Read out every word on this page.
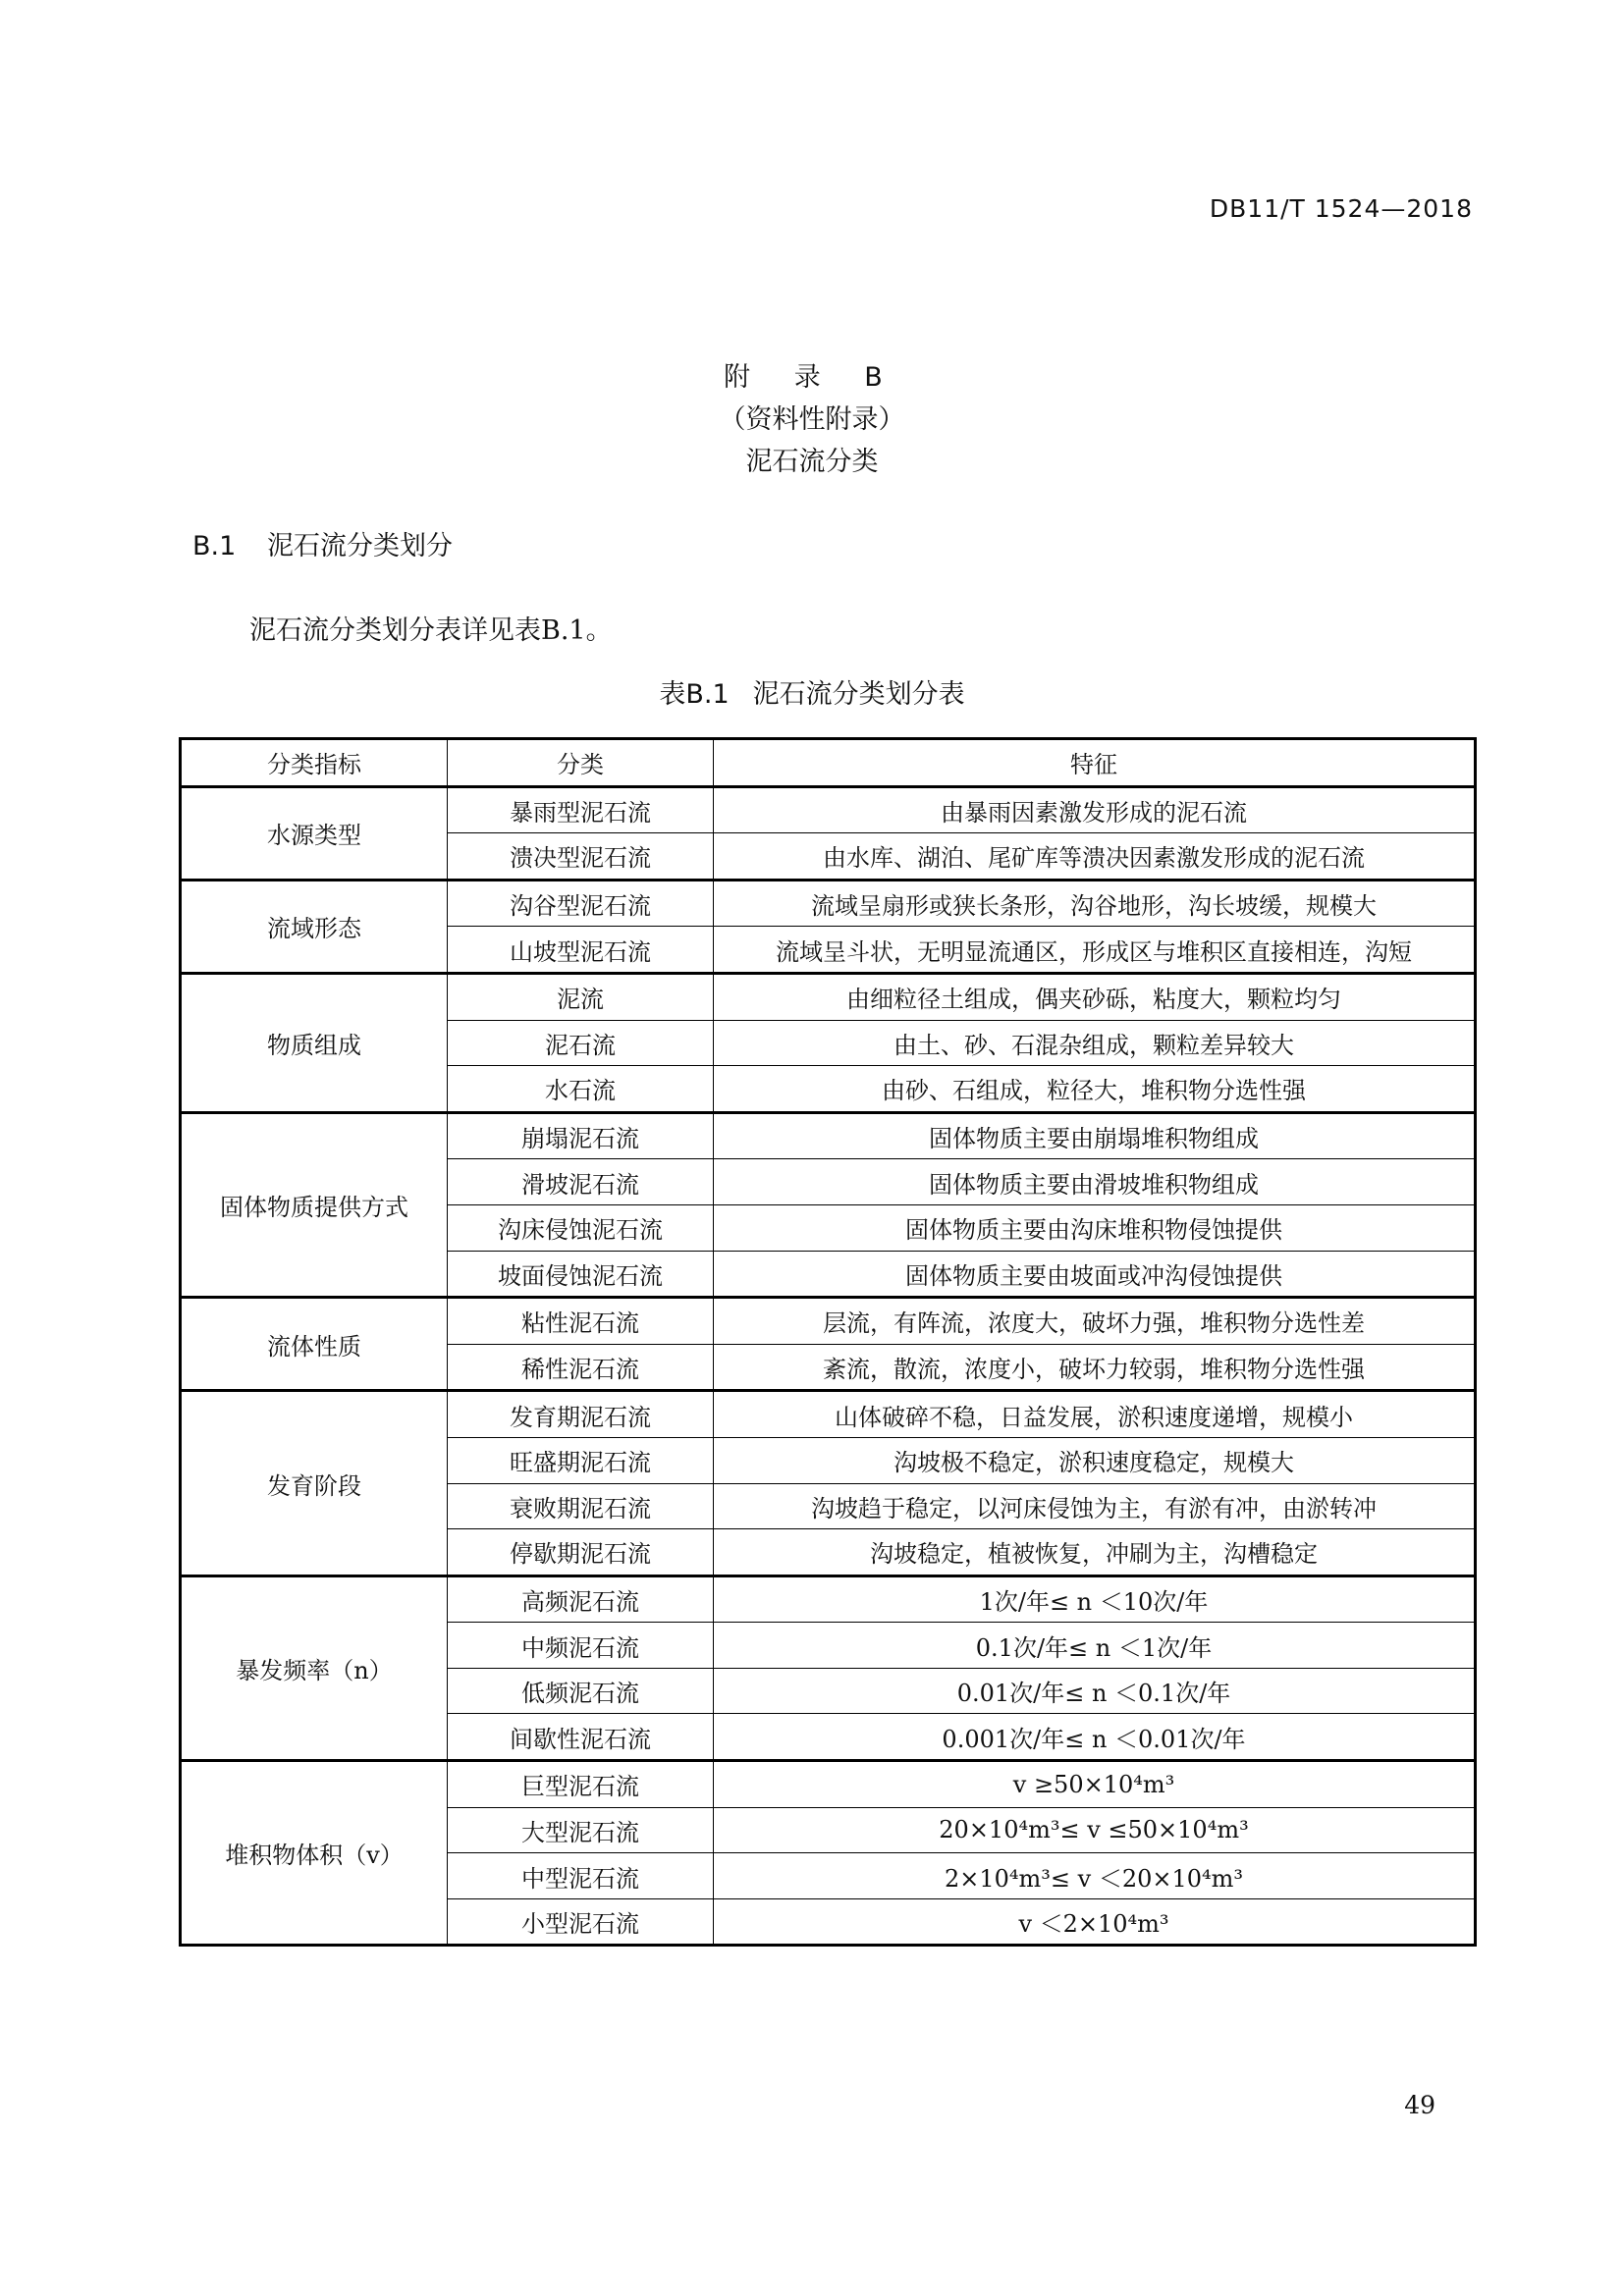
DB11/T 1524—2018
附 录 B
（资料性附录）
泥石流分类
B.1 泥石流分类划分
泥石流分类划分表详见表B.1。
表B.1 泥石流分类划分表
分类指标	分类	特征
水源类型	暴雨型泥石流	由暴雨因素激发形成的泥石流
	溃决型泥石流	由水库、湖泊、尾矿库等溃决因素激发形成的泥石流
流域形态	沟谷型泥石流	流域呈扇形或狭长条形，沟谷地形，沟长坡缓，规模大
	山坡型泥石流	流域呈斗状，无明显流通区，形成区与堆积区直接相连，沟短
物质组成	泥流	由细粒径土组成，偶夹砂砾，粘度大，颗粒均匀
	泥石流	由土、砂、石混杂组成，颗粒差异较大
	水石流	由砂、石组成，粒径大，堆积物分选性强
固体物质提供方式	崩塌泥石流	固体物质主要由崩塌堆积物组成
	滑坡泥石流	固体物质主要由滑坡堆积物组成
	沟床侵蚀泥石流	固体物质主要由沟床堆积物侵蚀提供
	坡面侵蚀泥石流	固体物质主要由坡面或冲沟侵蚀提供
流体性质	粘性泥石流	层流，有阵流，浓度大，破坏力强，堆积物分选性差
	稀性泥石流	紊流，散流，浓度小，破坏力较弱，堆积物分选性强
发育阶段	发育期泥石流	山体破碎不稳，日益发展，淤积速度递增，规模小
	旺盛期泥石流	沟坡极不稳定，淤积速度稳定，规模大
	衰败期泥石流	沟坡趋于稳定，以河床侵蚀为主，有淤有冲，由淤转冲
	停歇期泥石流	沟坡稳定，植被恢复，冲刷为主，沟槽稳定
暴发频率（n）	高频泥石流	1次/年≤ n ＜10次/年
	中频泥石流	0.1次/年≤ n ＜1次/年
	低频泥石流	0.01次/年≤ n ＜0.1次/年
	间歇性泥石流	0.001次/年≤ n ＜0.01次/年
堆积物体积（v）	巨型泥石流	v ≥50×10⁴m³
	大型泥石流	20×10⁴m³≤ v ≤50×10⁴m³
	中型泥石流	2×10⁴m³≤ v ＜20×10⁴m³
	小型泥石流	v ＜2×10⁴m³
49
